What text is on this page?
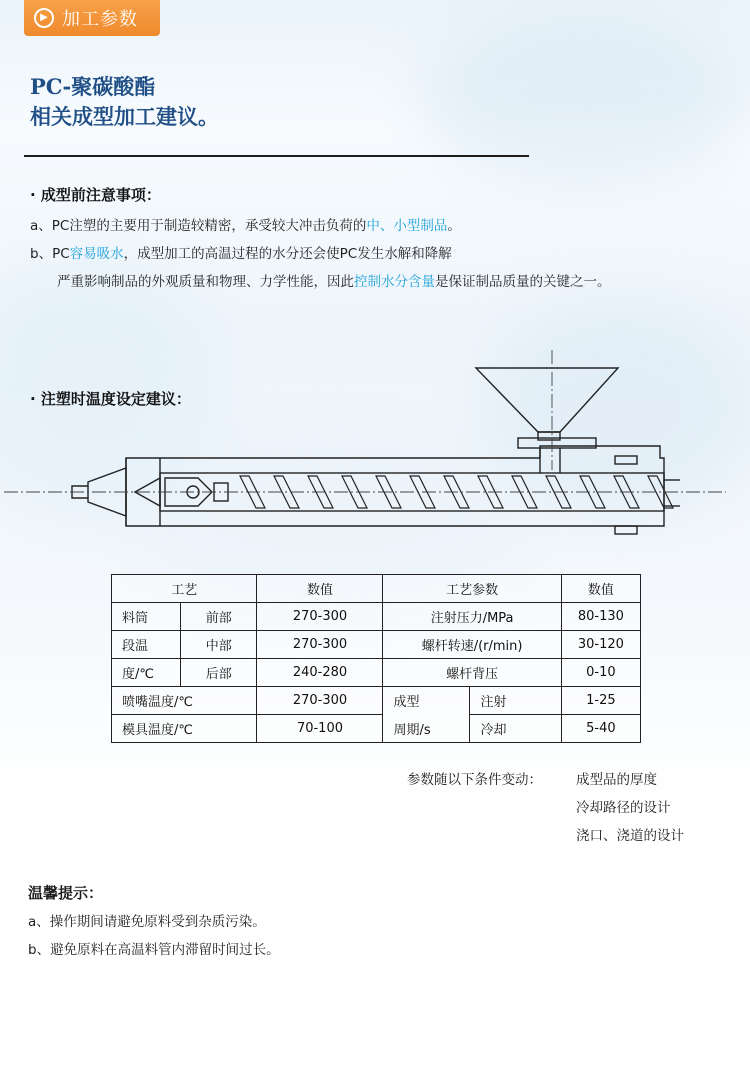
▶ 加工参数
PC-聚碳酸酯
相关成型加工建议。
· 成型前注意事项：
a、PC注塑的主要用于制造较精密，承受较大冲击负荷的中、小型制品。
b、PC容易吸水，成型加工的高温过程的水分还会使PC发生水解和降解
严重影响制品的外观质量和物理、力学性能，因此控制水分含量是保证制品质量的关键之一。
· 注塑时温度设定建议：
工艺		数值	工艺参数		数值
料筒	前部	270-300	注射压力/MPa		80-130
段温	中部	270-300	螺杆转速/(r/min)		30-120
度/℃	后部	240-280	螺杆背压		0-10
喷嘴温度/℃		270-300	成型	注射	1-25
模具温度/℃		70-100	周期/s	冷却	5-40
参数随以下条件变动：	成型品的厚度
冷却路径的设计
浇口、浇道的设计
温馨提示：
a、操作期间请避免原料受到杂质污染。
b、避免原料在高温料管内滞留时间过长。
